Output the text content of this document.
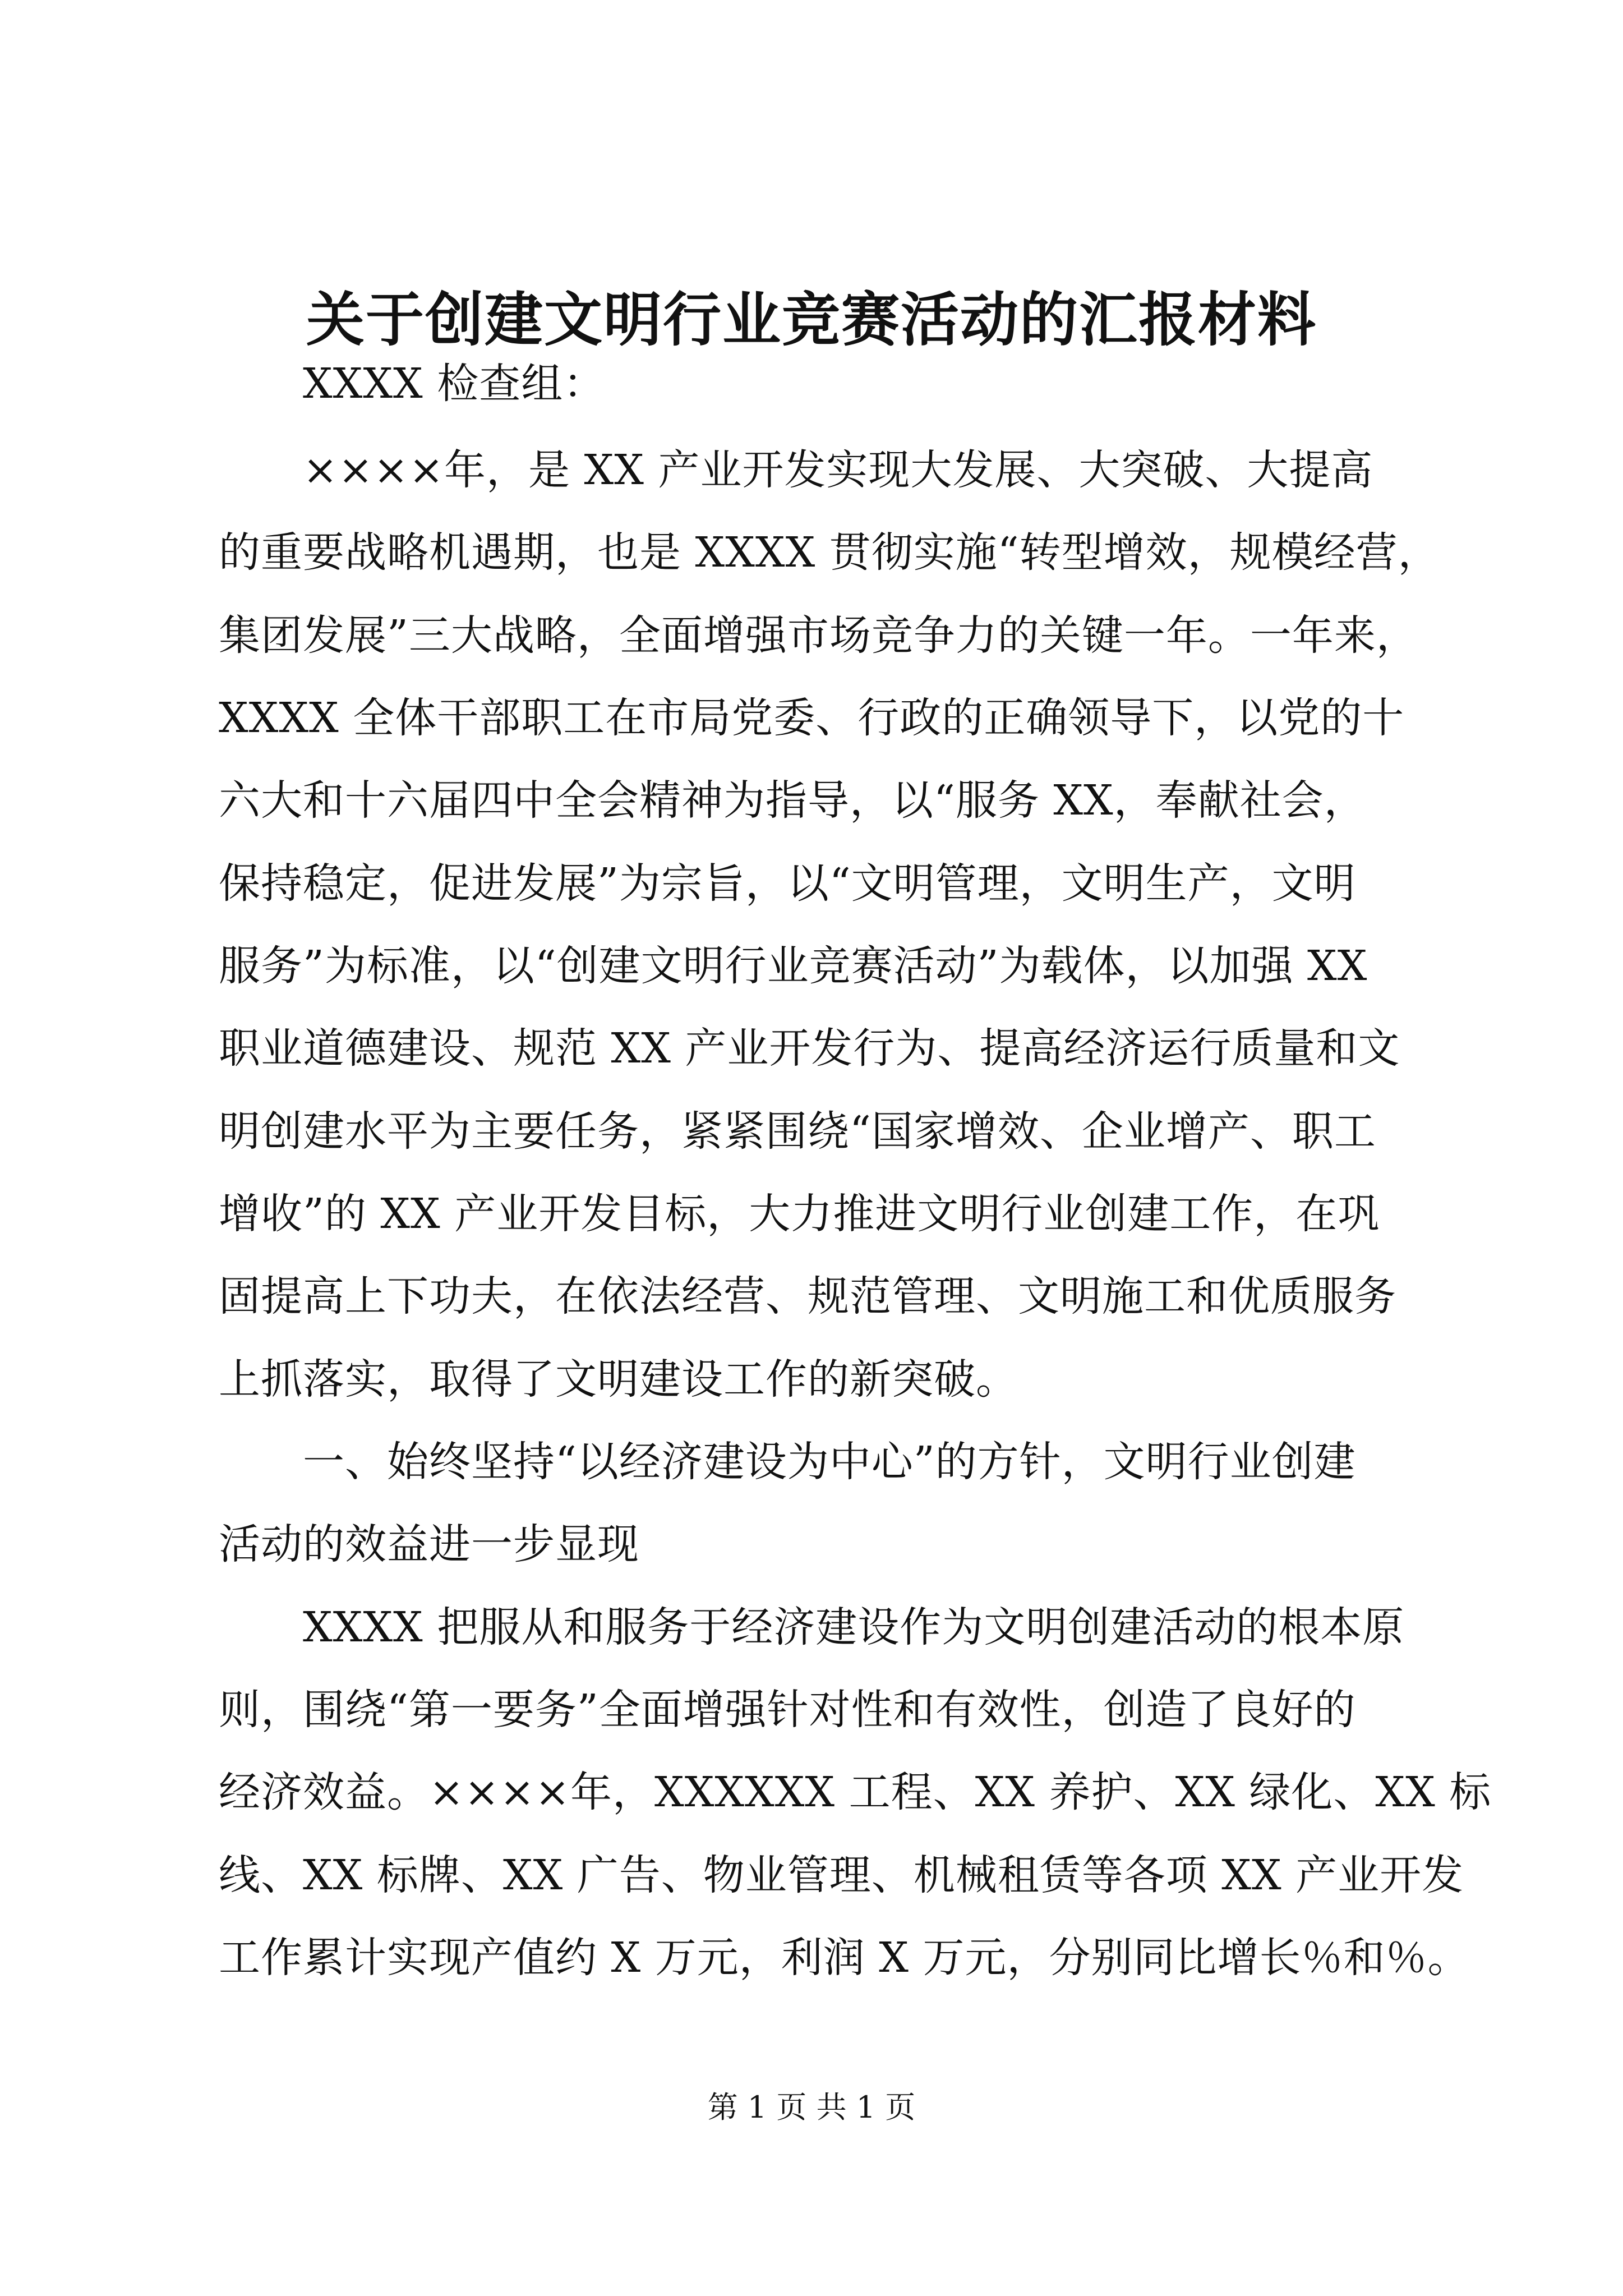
关于创建文明行业竞赛活动的汇报材料
XXXX 检查组：
××××年，是 XX 产业开发实现大发展、大突破、大提高
的重要战略机遇期，也是 XXXX 贯彻实施“转型增效，规模经营，
集团发展”三大战略，全面增强市场竞争力的关键一年。一年来，
XXXX 全体干部职工在市局党委、行政的正确领导下，以党的十
六大和十六届四中全会精神为指导，以“服务 XX，奉献社会，
保持稳定，促进发展”为宗旨，以“文明管理，文明生产，文明
服务”为标准，以“创建文明行业竞赛活动”为载体，以加强 XX
职业道德建设、规范 XX 产业开发行为、提高经济运行质量和文
明创建水平为主要任务，紧紧围绕“国家增效、企业增产、职工
增收”的 XX 产业开发目标，大力推进文明行业创建工作，在巩
固提高上下功夫，在依法经营、规范管理、文明施工和优质服务
上抓落实，取得了文明建设工作的新突破。
一、始终坚持“以经济建设为中心”的方针，文明行业创建
活动的效益进一步显现
XXXX 把服从和服务于经济建设作为文明创建活动的根本原
则，围绕“第一要务”全面增强针对性和有效性，创造了良好的
经济效益。××××年，XXXXXX 工程、XX 养护、XX 绿化、XX 标
线、XX 标牌、XX 广告、物业管理、机械租赁等各项 XX 产业开发
工作累计实现产值约 X 万元，利润 X 万元，分别同比增长％和％。
第 1 页 共 1 页
